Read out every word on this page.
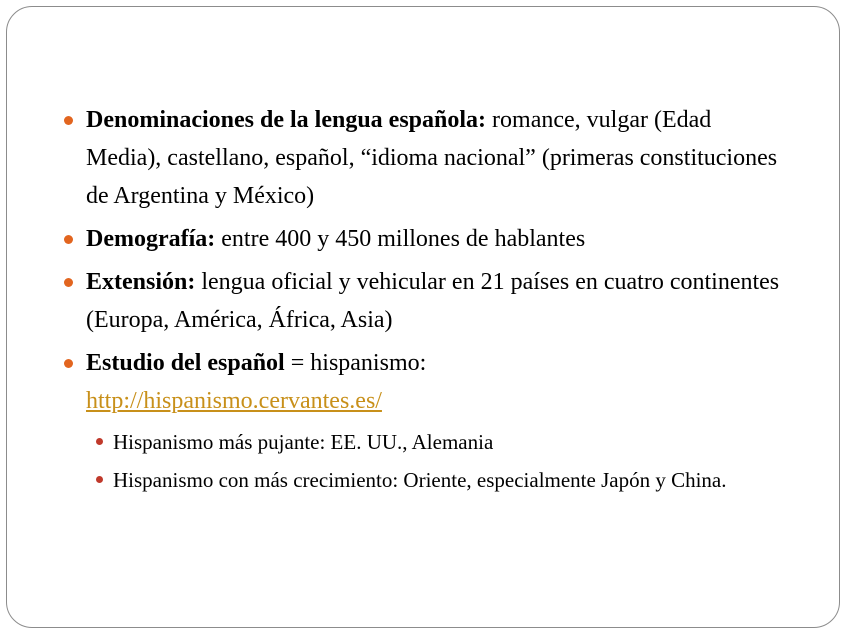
Denominaciones de la lengua española: romance, vulgar (Edad Media), castellano, español, “idioma nacional” (primeras constituciones de Argentina y México)
Demografía: entre 400 y 450 millones de hablantes
Extensión: lengua oficial y vehicular en 21 países en cuatro continentes (Europa, América, África, Asia)
Estudio del español = hispanismo:
http://hispanismo.cervantes.es/
Hispanismo más pujante: EE. UU., Alemania
Hispanismo con más crecimiento: Oriente, especialmente Japón y China.
